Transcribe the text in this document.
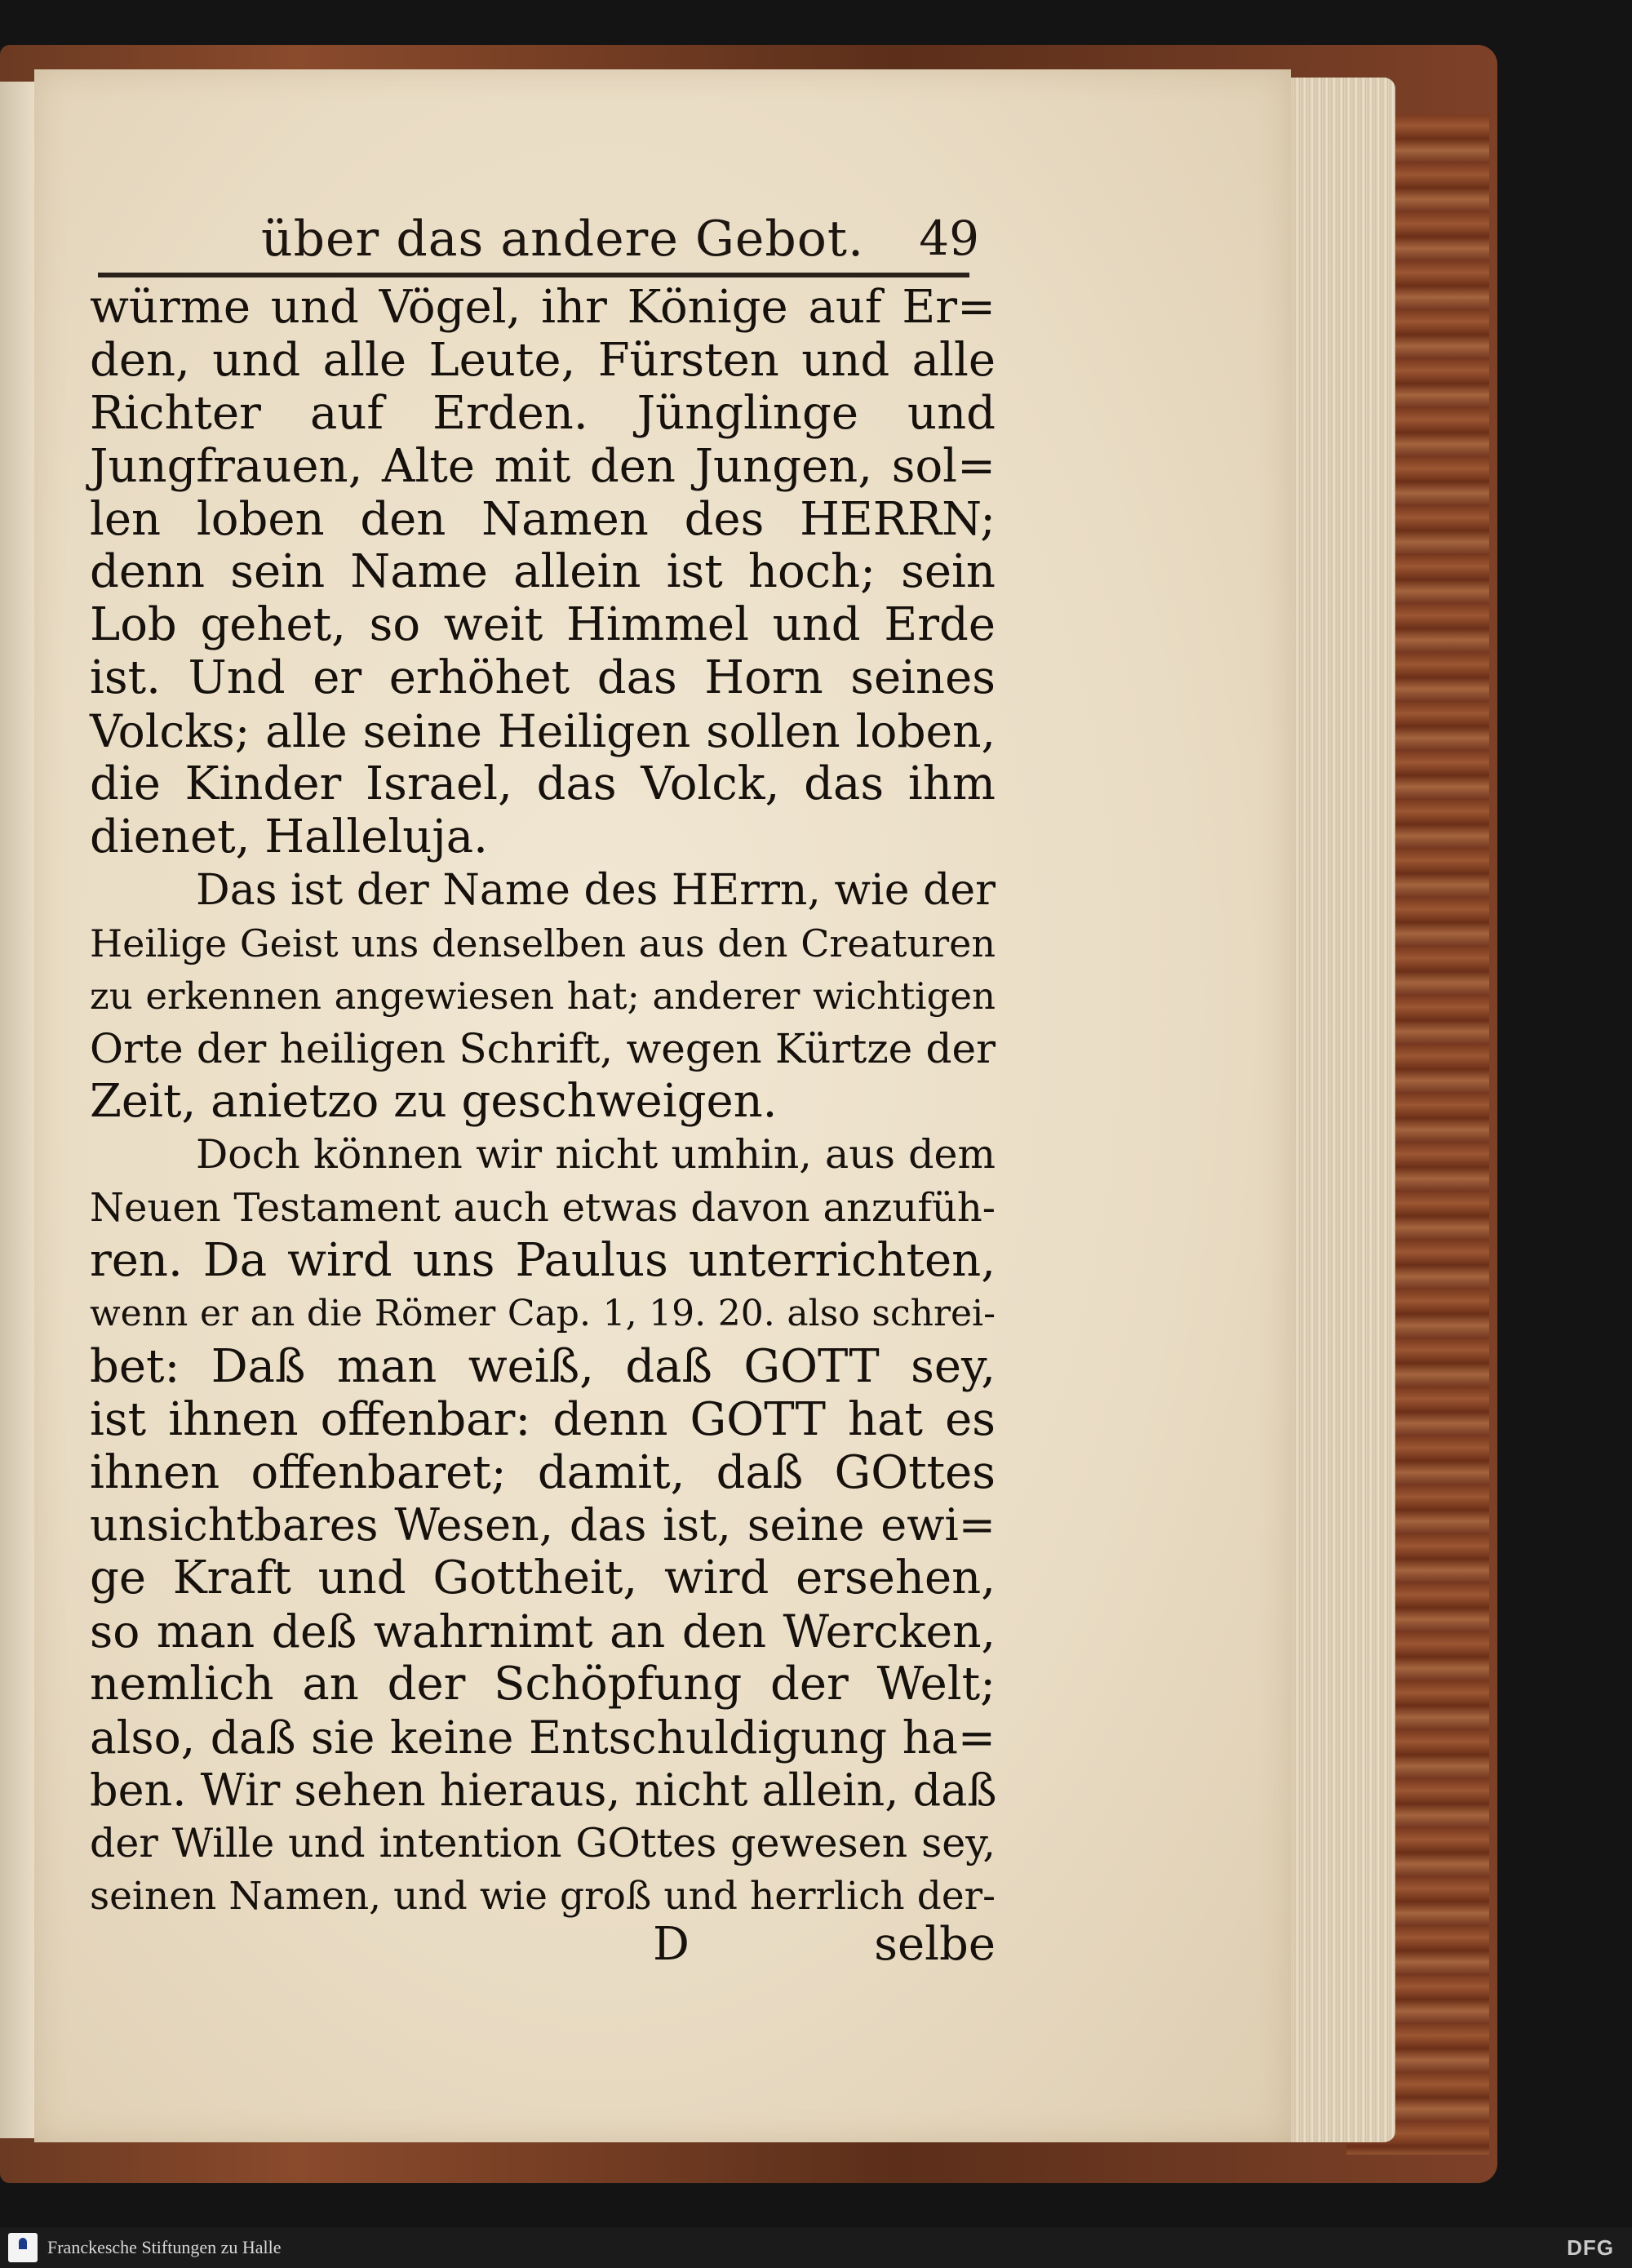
über das andere Gebot. 49
würme und Vögel, ihr Könige auf Er=
den, und alle Leute, Fürsten und alle
Richter auf Erden. Jünglinge und
Jungfrauen, Alte mit den Jungen, sol=
len loben den Namen des HERRN;
denn sein Name allein ist hoch; sein
Lob gehet, so weit Himmel und Erde
ist. Und er erhöhet das Horn seines
Volcks; alle seine Heiligen sollen loben,
die Kinder Israel, das Volck, das ihm
dienet, Halleluja.
Das ist der Name des HErrn, wie der
Heilige Geist uns denselben aus den Creaturen
zu erkennen angewiesen hat; anderer wichtigen
Orte der heiligen Schrift, wegen Kürtze der
Zeit, anietzo zu geschweigen.
Doch können wir nicht umhin, aus dem
Neuen Testament auch etwas davon anzufüh-
ren. Da wird uns Paulus unterrichten,
wenn er an die Römer Cap. 1, 19. 20. also schrei-
bet: Daß man weiß, daß GOTT sey,
ist ihnen offenbar: denn GOTT hat es
ihnen offenbaret; damit, daß GOttes
unsichtbares Wesen, das ist, seine ewi=
ge Kraft und Gottheit, wird ersehen,
so man deß wahrnimt an den Wercken,
nemlich an der Schöpfung der Welt;
also, daß sie keine Entschuldigung ha=
ben. Wir sehen hieraus, nicht allein, daß
der Wille und intention GOttes gewesen sey,
seinen Namen, und wie groß und herrlich der-
D	selbe
Franckesche Stiftungen zu Halle	DFG
